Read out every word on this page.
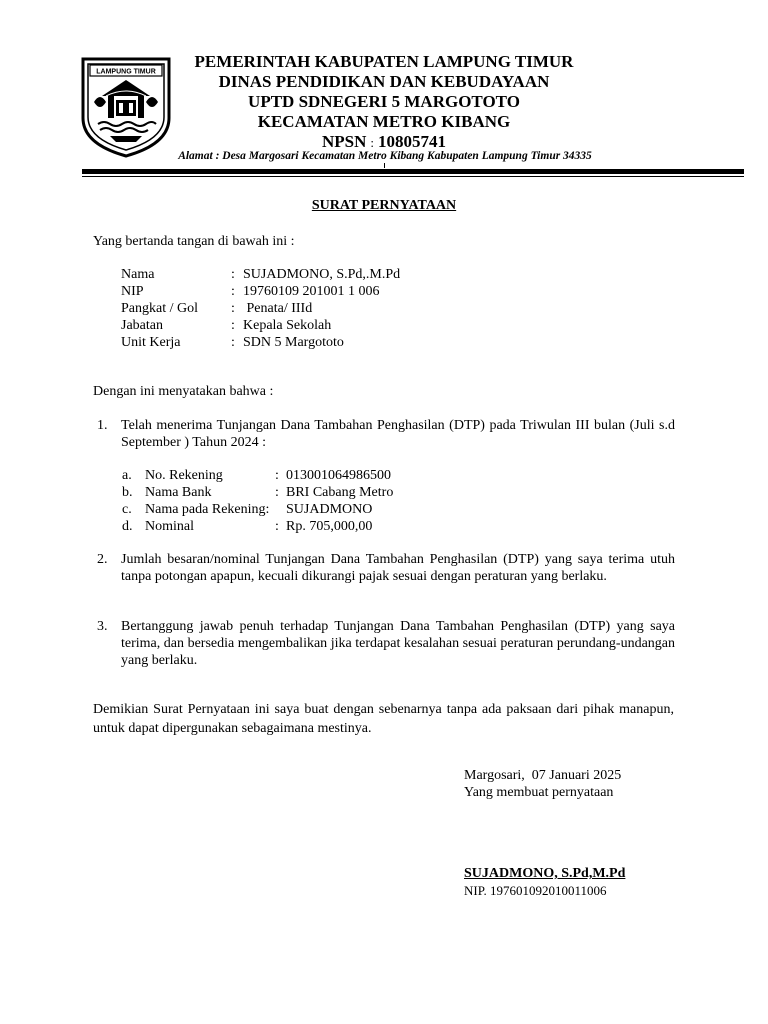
LAMPUNG TIMUR
PEMERINTAH KABUPATEN LAMPUNG TIMUR
DINAS PENDIDIKAN DAN KEBUDAYAAN
UPTD SDNEGERI 5 MARGOTOTO
KECAMATAN METRO KIBANG
NPSN : 10805741
Alamat : Desa Margosari Kecamatan Metro Kibang Kabupaten Lampung Timur 34335
SURAT PERNYATAAN
Yang bertanda tangan di bawah ini :
Nama	: SUJADMONO, S.Pd,.M.Pd
NIP	: 19760109 201001 1 006
Pangkat / Gol	: Penata/ IIId
Jabatan	: Kepala Sekolah
Unit Kerja	: SDN 5 Margototo
Dengan ini menyatakan bahwa :
1. Telah menerima Tunjangan Dana Tambahan Penghasilan (DTP) pada Triwulan III bulan (Juli s.d September ) Tahun 2024 :
a. No. Rekening	: 013001064986500
b. Nama Bank	: BRI Cabang Metro
c. Nama pada Rekening:	SUJADMONO
d. Nominal	: Rp. 705,000,00
2. Jumlah besaran/nominal Tunjangan Dana Tambahan Penghasilan (DTP) yang saya terima utuh tanpa potongan apapun, kecuali dikurangi pajak sesuai dengan peraturan yang berlaku.
3. Bertanggung jawab penuh terhadap Tunjangan Dana Tambahan Penghasilan (DTP) yang saya terima, dan bersedia mengembalikan jika terdapat kesalahan sesuai peraturan perundang-undangan yang berlaku.
Demikian Surat Pernyataan ini saya buat dengan sebenarnya tanpa ada paksaan dari pihak manapun, untuk dapat dipergunakan sebagaimana mestinya.
Margosari,  07 Januari 2025
Yang membuat pernyataan
SUJADMONO, S.Pd,M.Pd
NIP. 197601092010011006
